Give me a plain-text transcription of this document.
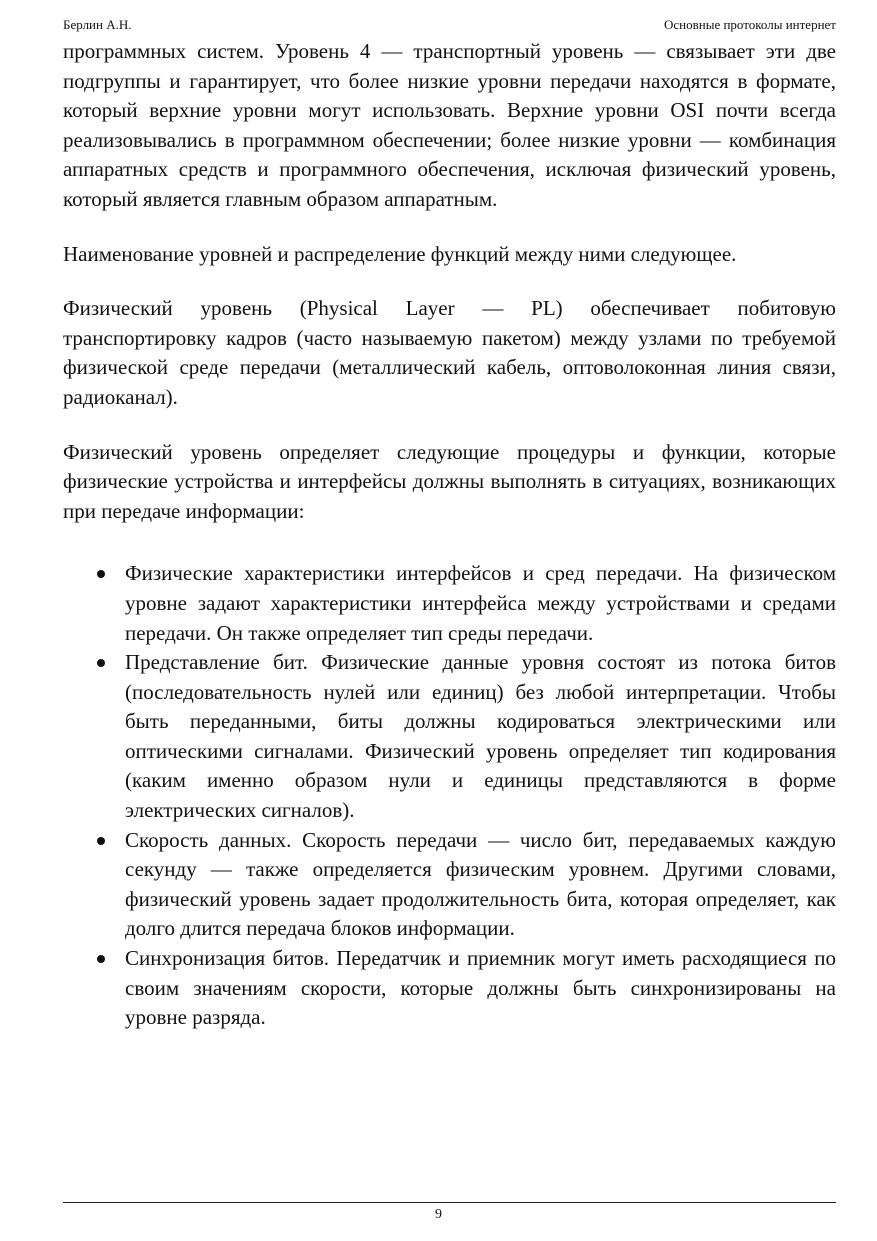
Берлин А.Н.	Основные протоколы интернет

программных систем. Уровень 4 — транспортный уровень — связывает эти две подгруппы и гарантирует, что более низкие уровни передачи находятся в формате, который верхние уровни могут использовать. Верхние уровни OSI почти всегда реализовывались в программном обеспечении; более низкие уровни — комбинация аппаратных средств и программного обеспечения, исключая физический уровень, который является главным образом аппаратным.

Наименование уровней и распределение функций между ними следующее.

Физический уровень (Physical Layer — PL) обеспечивает побитовую транспортировку кадров (часто называемую пакетом) между узлами по требуемой физической среде передачи (металлический кабель, оптоволоконная линия связи, радиоканал).

Физический уровень определяет следующие процедуры и функции, которые физические устройства и интерфейсы должны выполнять в ситуациях, возникающих при передаче информации:

Физические характеристики интерфейсов и сред передачи. На физическом уровне задают характеристики интерфейса между устройствами и средами передачи. Он также определяет тип среды передачи.
Представление бит. Физические данные уровня состоят из потока битов (последовательность нулей или единиц) без любой интерпретации. Чтобы быть переданными, биты должны кодироваться электрическими или оптическими сигналами. Физический уровень определяет тип кодирования (каким именно образом нули и единицы представляются в форме электрических сигналов).
Скорость данных. Скорость передачи — число бит, передаваемых каждую секунду — также определяется физическим уровнем. Другими словами, физический уровень задает продолжительность бита, которая определяет, как долго длится передача блоков информации.
Синхронизация битов. Передатчик и приемник могут иметь расходящиеся по своим значениям скорости, которые должны быть синхронизированы на уровне разряда.
9
